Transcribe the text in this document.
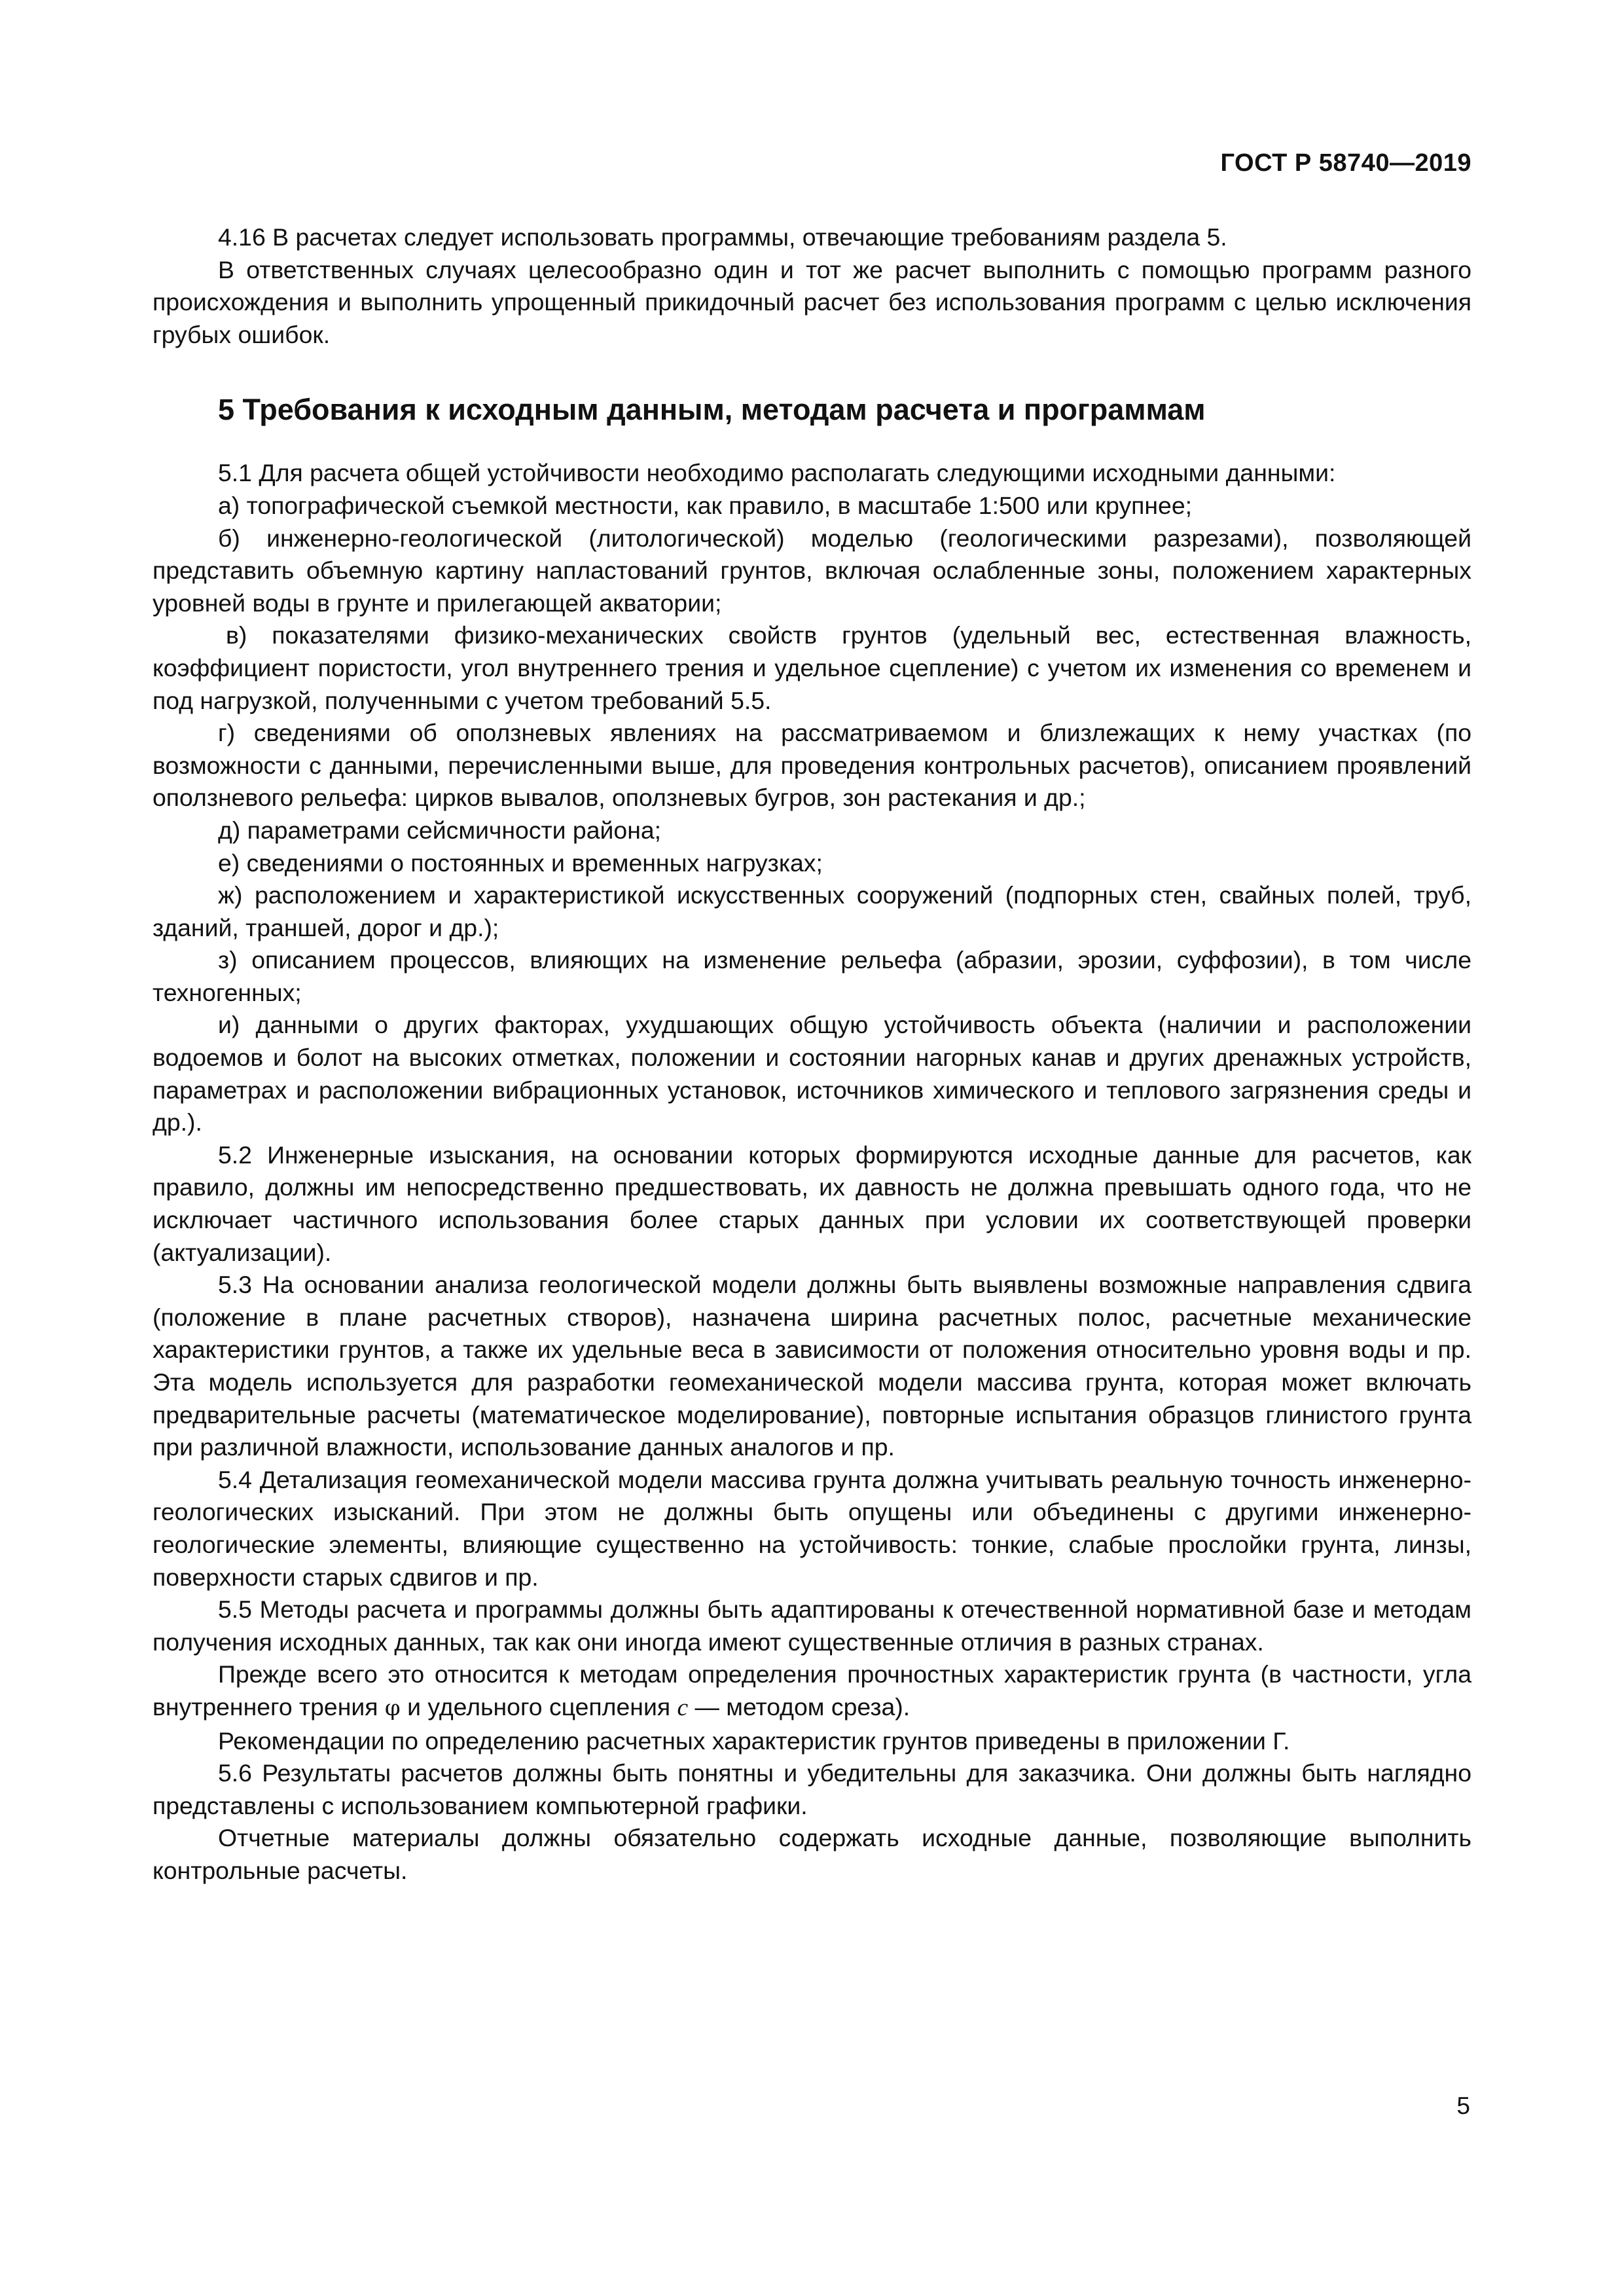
ГОСТ Р 58740—2019

4.16 В расчетах следует использовать программы, отвечающие требованиям раздела 5.

В ответственных случаях целесообразно один и тот же расчет выполнить с помощью программ разного происхождения и выполнить упрощенный прикидочный расчет без использования программ с целью исключения грубых ошибок.

5 Требования к исходным данным, методам расчета и программам

5.1 Для расчета общей устойчивости необходимо располагать следующими исходными данными:

а) топографической съемкой местности, как правило, в масштабе 1:500 или крупнее;

б) инженерно-геологической (литологической) моделью (геологическими разрезами), позволяющей представить объемную картину напластований грунтов, включая ослабленные зоны, положением характерных уровней воды в грунте и прилегающей акватории;

в) показателями физико-механических свойств грунтов (удельный вес, естественная влажность, коэффициент пористости, угол внутреннего трения и удельное сцепление) с учетом их изменения со временем и под нагрузкой, полученными с учетом требований 5.5.

г) сведениями об оползневых явлениях на рассматриваемом и близлежащих к нему участках (по возможности с данными, перечисленными выше, для проведения контрольных расчетов), описанием проявлений оползневого рельефа: цирков вывалов, оползневых бугров, зон растекания и др.;

д) параметрами сейсмичности района;

е) сведениями о постоянных и временных нагрузках;

ж) расположением и характеристикой искусственных сооружений (подпорных стен, свайных полей, труб, зданий, траншей, дорог и др.);

з) описанием процессов, влияющих на изменение рельефа (абразии, эрозии, суффозии), в том числе техногенных;

и) данными о других факторах, ухудшающих общую устойчивость объекта (наличии и расположении водоемов и болот на высоких отметках, положении и состоянии нагорных канав и других дренажных устройств, параметрах и расположении вибрационных установок, источников химического и теплового загрязнения среды и др.).

5.2 Инженерные изыскания, на основании которых формируются исходные данные для расчетов, как правило, должны им непосредственно предшествовать, их давность не должна превышать одного года, что не исключает частичного использования более старых данных при условии их соответствующей проверки (актуализации).

5.3 На основании анализа геологической модели должны быть выявлены возможные направления сдвига (положение в плане расчетных створов), назначена ширина расчетных полос, расчетные механические характеристики грунтов, а также их удельные веса в зависимости от положения относительно уровня воды и пр. Эта модель используется для разработки геомеханической модели массива грунта, которая может включать предварительные расчеты (математическое моделирование), повторные испытания образцов глинистого грунта при различной влажности, использование данных аналогов и пр.

5.4 Детализация геомеханической модели массива грунта должна учитывать реальную точность инженерно-геологических изысканий. При этом не должны быть опущены или объединены с другими инженерно-геологические элементы, влияющие существенно на устойчивость: тонкие, слабые прослойки грунта, линзы, поверхности старых сдвигов и пр.

5.5 Методы расчета и программы должны быть адаптированы к отечественной нормативной базе и методам получения исходных данных, так как они иногда имеют существенные отличия в разных странах.

Прежде всего это относится к методам определения прочностных характеристик грунта (в частности, угла внутреннего трения φ и удельного сцепления с — методом среза).

Рекомендации по определению расчетных характеристик грунтов приведены в приложении Г.

5.6 Результаты расчетов должны быть понятны и убедительны для заказчика. Они должны быть наглядно представлены с использованием компьютерной графики.

Отчетные материалы должны обязательно содержать исходные данные, позволяющие выполнить контрольные расчеты.

5
